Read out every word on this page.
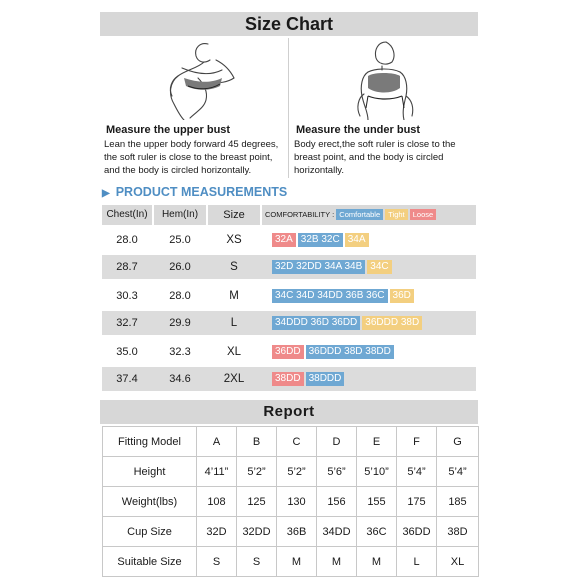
Size Chart
Measure the upper bust
Lean the upper body forward 45 degrees,
the soft ruler is close to the breast point,
and the body is circled horizontally.
Measure the under bust
Body erect,the soft ruler is close to the
breast point, and the body is circled
horizontally.
▶ PRODUCT MEASUREMENTS
Chest(In)	Hem(In)	Size	COMFORTABILITY : Comfortable Tight Loose
28.0	25.0	XS	32A 32B 32C 34A
28.7	26.0	S	32D 32DD 34A 34B 34C
30.3	28.0	M	34C 34D 34DD 36B 36C 36D
32.7	29.9	L	34DDD 36D 36DD 36DDD 38D
35.0	32.3	XL	36DD 36DDD 38D 38DD
37.4	34.6	2XL	38DD 38DDD
Report
Fitting Model	A	B	C	D	E	F	G
Height	4’11”	5’2”	5’2”	5’6”	5’10”	5’4”	5’4”
Weight(lbs)	108	125	130	156	155	175	185
Cup Size	32D	32DD	36B	34DD	36C	36DD	38D
Suitable Size	S	S	M	M	M	L	XL
